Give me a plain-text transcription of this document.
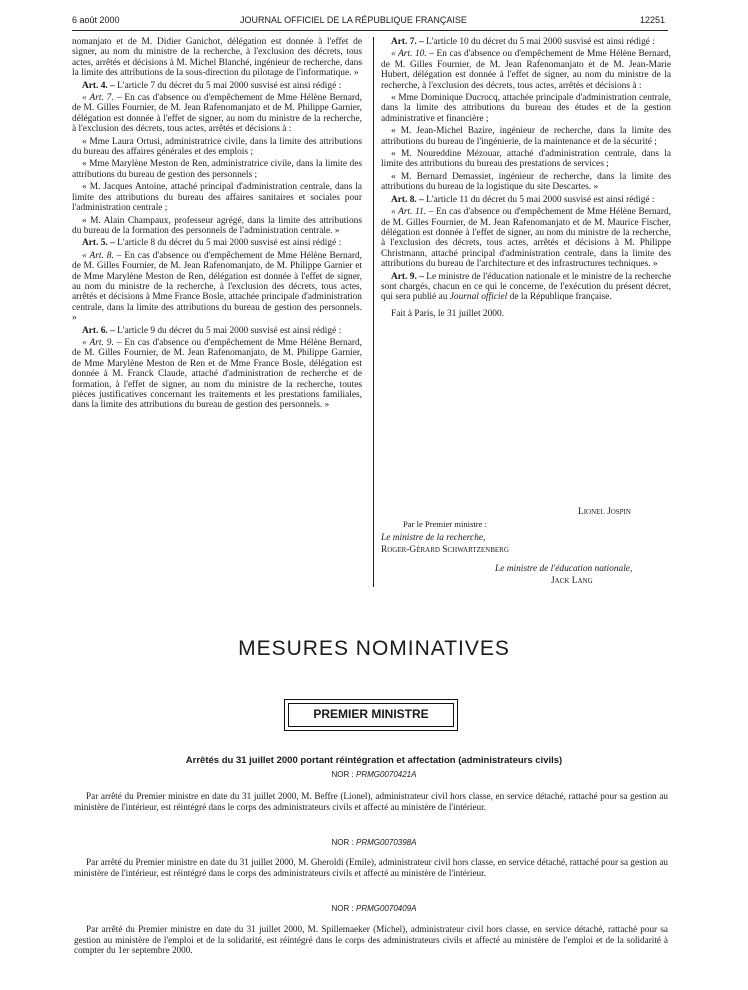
6 août 2000	JOURNAL OFFICIEL DE LA RÉPUBLIQUE FRANÇAISE	12251

nomanjato et de M. Didier Ganichot, délégation est donnée à l'effet de signer, au nom du ministre de la recherche, à l'exclusion des décrets, tous actes, arrêtés et décisions à M. Michel Blanché, ingénieur de recherche, dans la limite des attributions de la sous-direction du pilotage de l'informatique. »

Art. 4. – L'article 7 du décret du 5 mai 2000 susvisé est ainsi rédigé :

« Art. 7. – En cas d'absence ou d'empêchement de Mme Hélène Bernard, de M. Gilles Fournier, de M. Jean Rafenomanjato et de M. Philippe Garnier, délégation est donnée à l'effet de signer, au nom du ministre de la recherche, à l'exclusion des décrets, tous actes, arrêtés et décisions à :

« Mme Laura Ortusi, administratrice civile, dans la limite des attributions du bureau des affaires générales et des emplois ;

« Mme Marylène Meston de Ren, administratrice civile, dans la limite des attributions du bureau de gestion des personnels ;

« M. Jacques Antoine, attaché principal d'administration centrale, dans la limite des attributions du bureau des affaires sanitaires et sociales pour l'administration centrale ;

« M. Alain Champaux, professeur agrégé, dans la limite des attributions du bureau de la formation des personnels de l'administration centrale. »

Art. 5. – L'article 8 du décret du 5 mai 2000 susvisé est ainsi rédigé :

« Art. 8. – En cas d'absence ou d'empêchement de Mme Hélène Bernard, de M. Gilles Fournier, de M. Jean Rafenomanjato, de M. Philippe Garnier et de Mme Marylène Meston de Ren, délégation est donnée à l'effet de signer, au nom du ministre de la recherche, à l'exclusion des décrets, tous actes, arrêtés et décisions à Mme France Bosle, attachée principale d'administration centrale, dans la limite des attributions du bureau de gestion des personnels. »

Art. 6. – L'article 9 du décret du 5 mai 2000 susvisé est ainsi rédigé :

« Art. 9. – En cas d'absence ou d'empêchement de Mme Hélène Bernard, de M. Gilles Fournier, de M. Jean Rafenomanjato, de M. Philippe Garnier, de Mme Marylène Meston de Ren et de Mme France Bosle, délégation est donnée à M. Franck Claude, attaché d'administration de recherche et de formation, à l'effet de signer, au nom du ministre de la recherche, toutes pièces justificatives concernant les traitements et les prestations familiales, dans la limite des attributions du bureau de gestion des personnels. »

Art. 7. – L'article 10 du décret du 5 mai 2000 susvisé est ainsi rédigé :

« Art. 10. – En cas d'absence ou d'empêchement de Mme Hélène Bernard, de M. Gilles Fournier, de M. Jean Rafenomanjato et de M. Jean-Marie Hubert, délégation est donnée à l'effet de signer, au nom du ministre de la recherche, à l'exclusion des décrets, tous actes, arrêtés et décisions à :

« Mme Dominique Ducrocq, attachée principale d'administration centrale, dans la limite des attributions du bureau des études et de la gestion administrative et financière ;

« M. Jean-Michel Bazire, ingénieur de recherche, dans la limite des attributions du bureau de l'ingénierie, de la maintenance et de la sécurité ;

« M. Noureddine Mézouar, attaché d'administration centrale, dans la limite des attributions du bureau des prestations de services ;

« M. Bernard Demassiet, ingénieur de recherche, dans la limite des attributions du bureau de la logistique du site Descartes. »

Art. 8. – L'article 11 du décret du 5 mai 2000 susvisé est ainsi rédigé :

« Art. 11. – En cas d'absence ou d'empêchement de Mme Hélène Bernard, de M. Gilles Fournier, de M. Jean Rafenomanjato et de M. Maurice Fischer, délégation est donnée à l'effet de signer, au nom du ministre de la recherche, à l'exclusion des décrets, tous actes, arrêtés et décisions à M. Philippe Christmann, attaché principal d'administration centrale, dans la limite des attributions du bureau de l'architecture et des infrastructures techniques. »

Art. 9. – Le ministre de l'éducation nationale et le ministre de la recherche sont chargés, chacun en ce qui le concerne, de l'exécution du présent décret, qui sera publié au Journal officiel de la République française.

Fait à Paris, le 31 juillet 2000.

Lionel Jospin
Par le Premier ministre :
Le ministre de la recherche,
Roger-Gérard Schwartzenberg
Le ministre de l'éducation nationale,
Jack Lang
MESURES NOMINATIVES
PREMIER MINISTRE
Arrêtés du 31 juillet 2000 portant réintégration et affectation (administrateurs civils)
NOR : PRMG0070421A
Par arrêté du Premier ministre en date du 31 juillet 2000, M. Beffre (Lionel), administrateur civil hors classe, en service détaché, rattaché pour sa gestion au ministère de l'intérieur, est réintégré dans le corps des administrateurs civils et affecté au ministère de l'intérieur.
NOR : PRMG0070398A
Par arrêté du Premier ministre en date du 31 juillet 2000, M. Gheroldi (Emile), administrateur civil hors classe, en service détaché, rattaché pour sa gestion au ministère de l'intérieur, est réintégré dans le corps des administrateurs civils et affecté au ministère de l'intérieur.
NOR : PRMG0070409A
Par arrêté du Premier ministre en date du 31 juillet 2000, M. Spillemaeker (Michel), administrateur civil hors classe, en service détaché, rattaché pour sa gestion au ministère de l'emploi et de la solidarité, est réintégré dans le corps des administrateurs civils et affecté au ministère de l'emploi et de la solidarité à compter du 1er septembre 2000.
